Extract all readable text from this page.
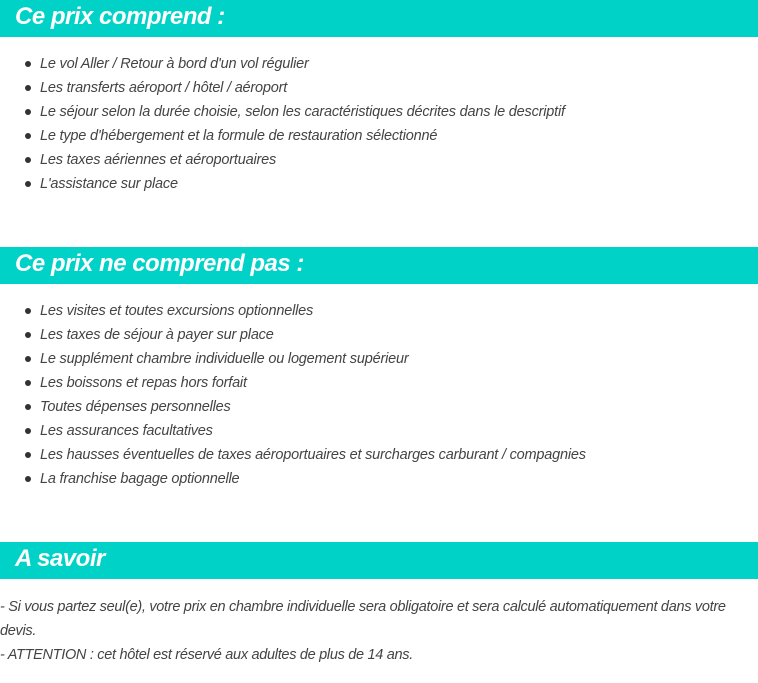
Ce prix comprend :
Le vol Aller / Retour à bord d'un vol régulier
Les transferts aéroport / hôtel / aéroport
Le séjour selon la durée choisie, selon les caractéristiques décrites dans le descriptif
Le type d'hébergement et la formule de restauration sélectionné
Les taxes aériennes et aéroportuaires
L'assistance sur place
Ce prix ne comprend pas :
Les visites et toutes excursions optionnelles
Les taxes de séjour à payer sur place
Le supplément chambre individuelle ou logement supérieur
Les boissons et repas hors forfait
Toutes dépenses personnelles
Les assurances facultatives
Les hausses éventuelles de taxes aéroportuaires et surcharges carburant / compagnies
La franchise bagage optionnelle
A savoir
- Si vous partez seul(e), votre prix en chambre individuelle sera obligatoire et sera calculé automatiquement dans votre devis.
- ATTENTION : cet hôtel est réservé aux adultes de plus de 14 ans.
